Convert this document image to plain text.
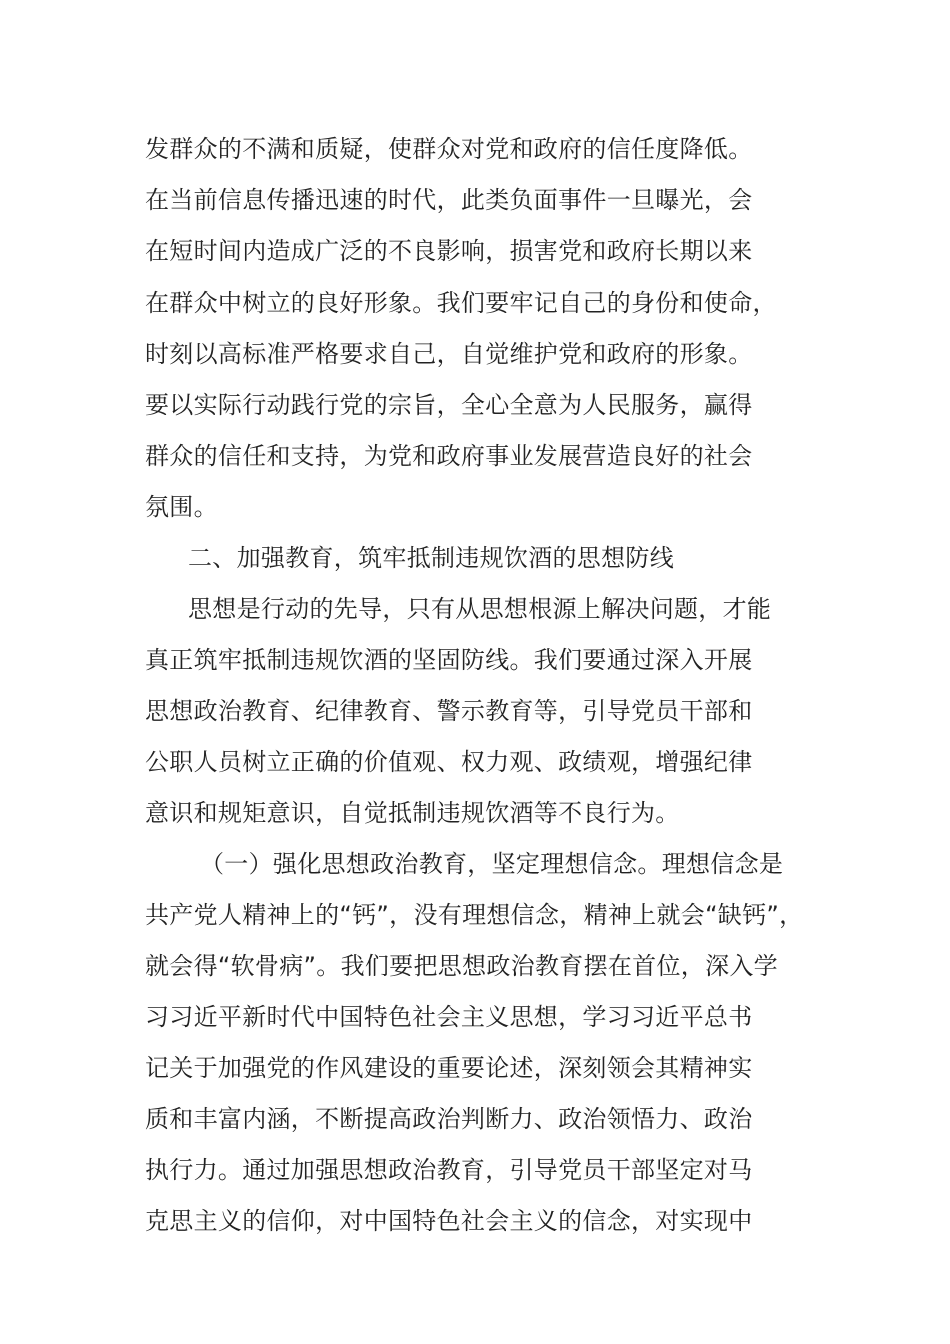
发群众的不满和质疑，使群众对党和政府的信任度降低。
在当前信息传播迅速的时代，此类负面事件一旦曝光，会
在短时间内造成广泛的不良影响，损害党和政府长期以来
在群众中树立的良好形象。我们要牢记自己的身份和使命，
时刻以高标准严格要求自己，自觉维护党和政府的形象。
要以实际行动践行党的宗旨，全心全意为人民服务，赢得
群众的信任和支持，为党和政府事业发展营造良好的社会
氛围。
二、加强教育，筑牢抵制违规饮酒的思想防线
思想是行动的先导，只有从思想根源上解决问题，才能
真正筑牢抵制违规饮酒的坚固防线。我们要通过深入开展
思想政治教育、纪律教育、警示教育等，引导党员干部和
公职人员树立正确的价值观、权力观、政绩观，增强纪律
意识和规矩意识，自觉抵制违规饮酒等不良行为。
（一）强化思想政治教育，坚定理想信念。理想信念是
共产党人精神上的“钙”，没有理想信念，精神上就会“缺钙”，
就会得“软骨病”。我们要把思想政治教育摆在首位，深入学
习习近平新时代中国特色社会主义思想，学习习近平总书
记关于加强党的作风建设的重要论述，深刻领会其精神实
质和丰富内涵，不断提高政治判断力、政治领悟力、政治
执行力。通过加强思想政治教育，引导党员干部坚定对马
克思主义的信仰，对中国特色社会主义的信念，对实现中
